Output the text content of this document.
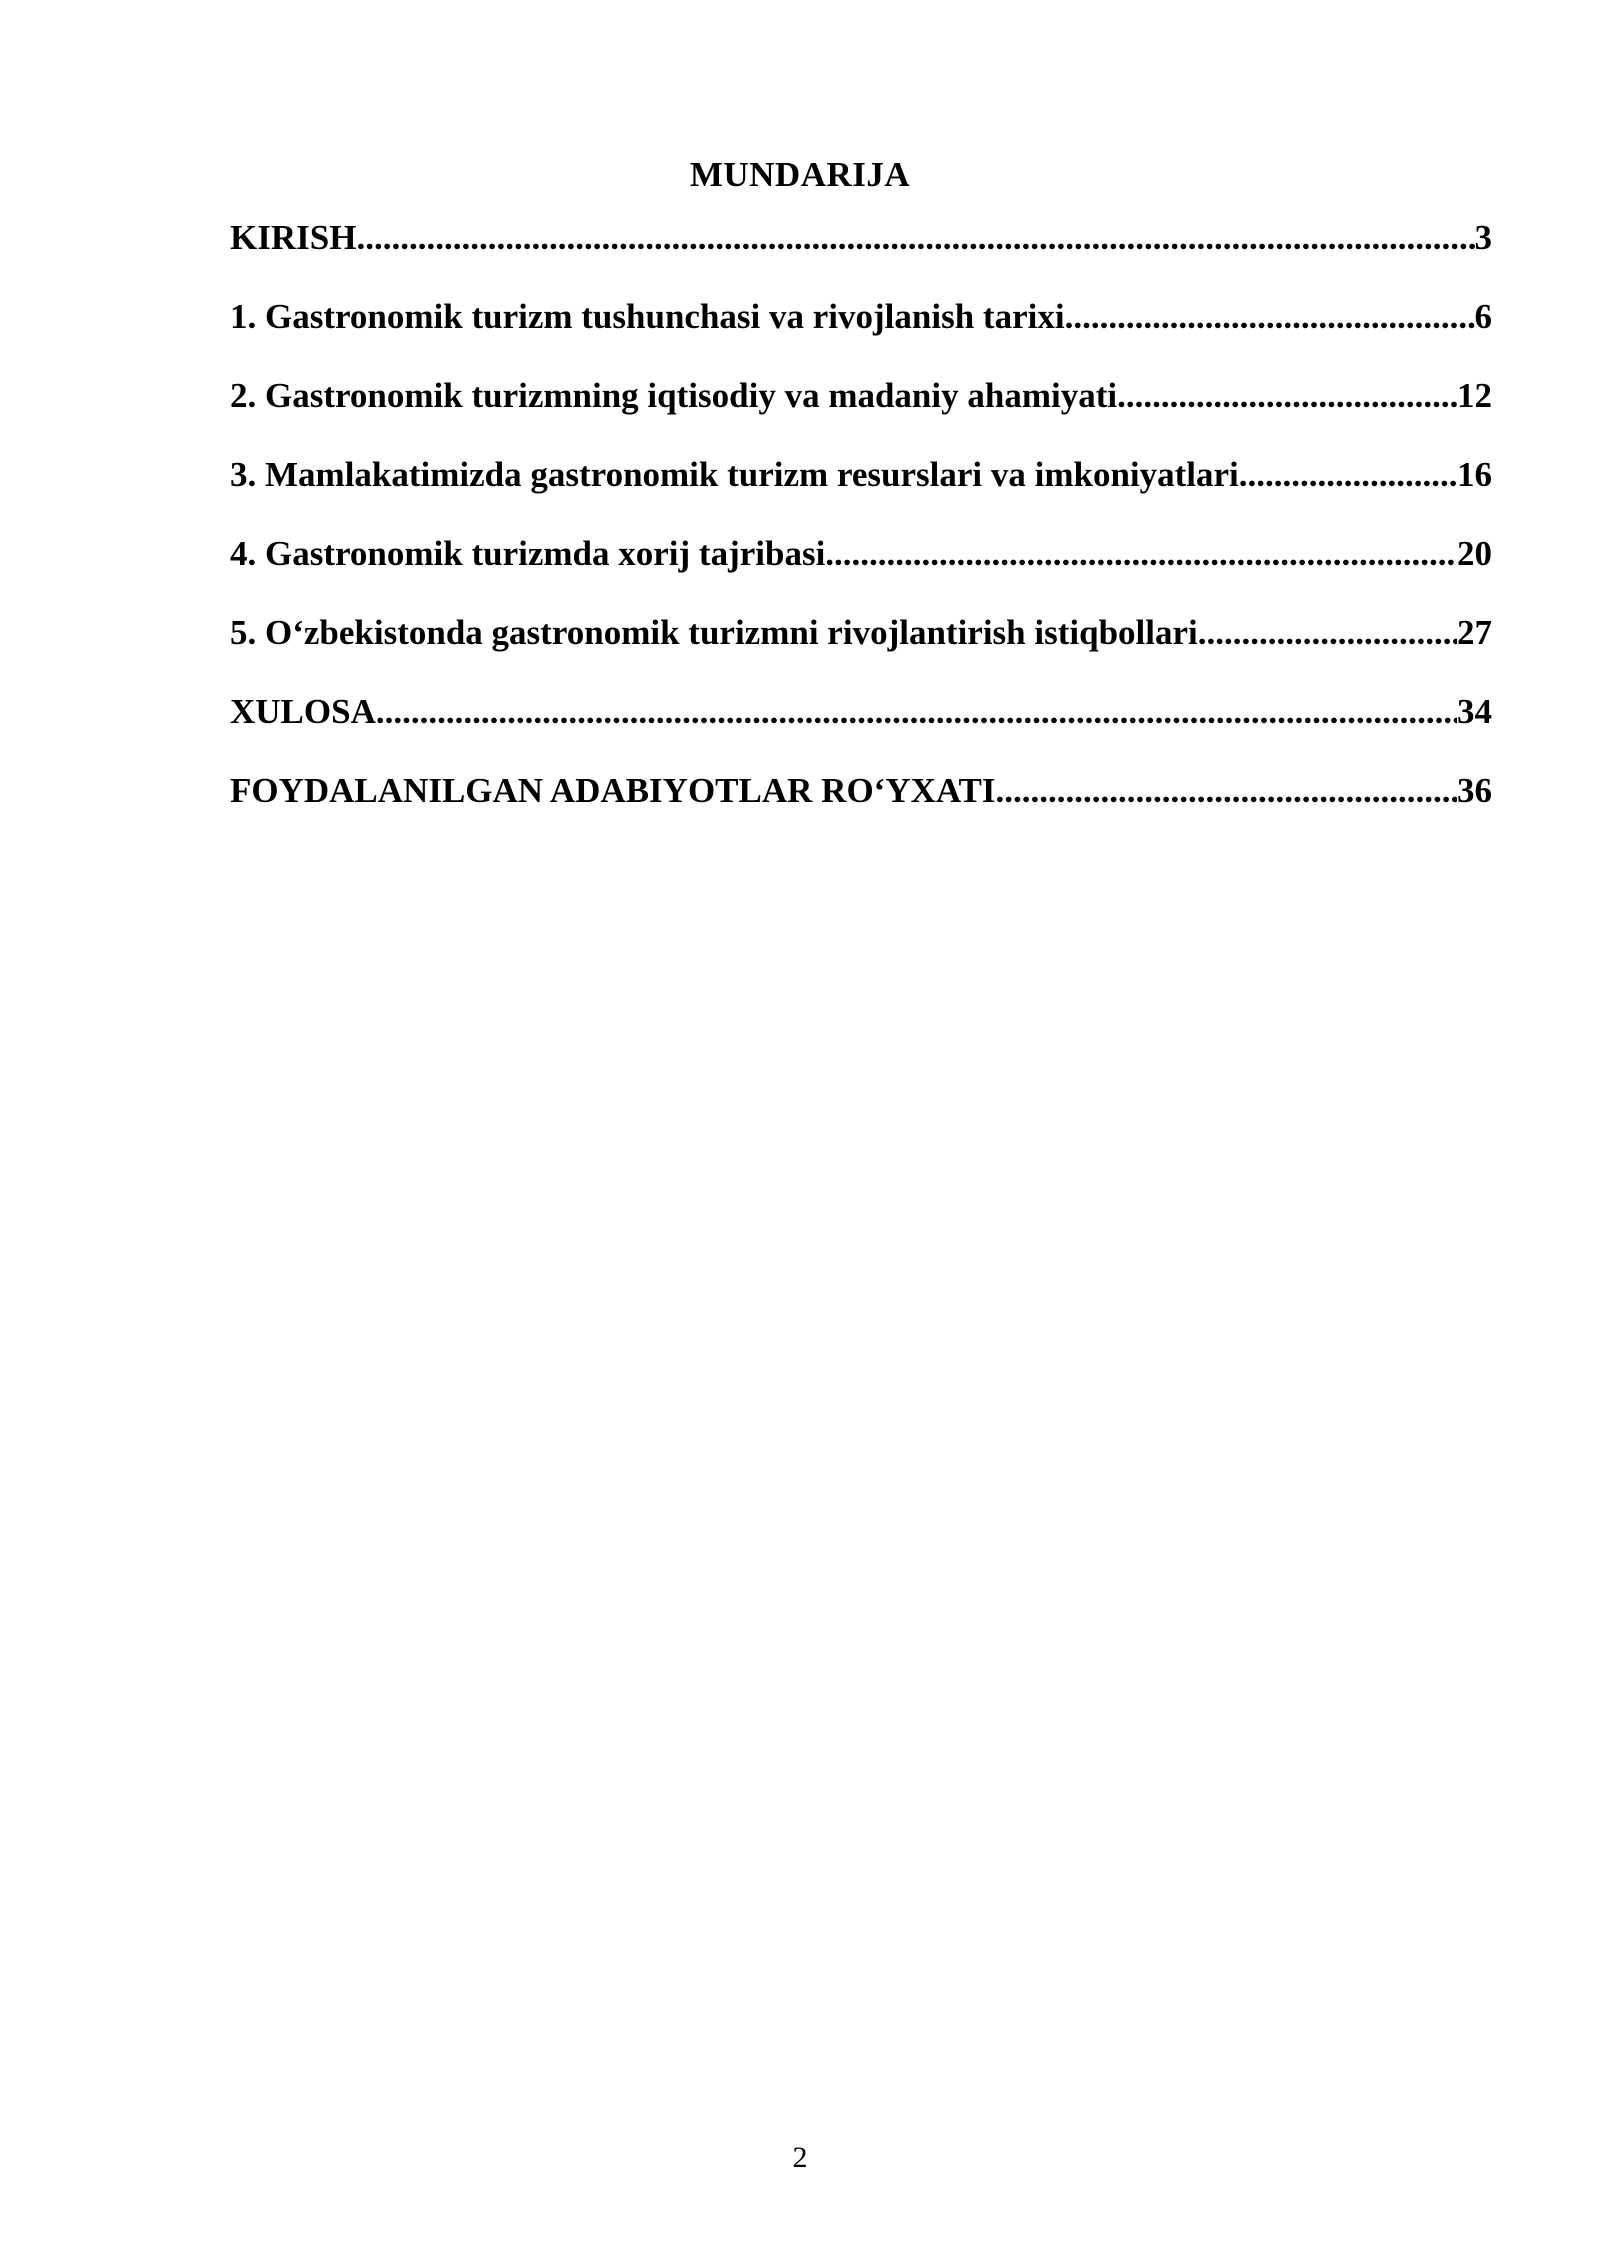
MUNDARIJA
KIRISH .....	3
1. Gastronomik turizm tushunchasi va rivojlanish tarixi .....	6
2. Gastronomik turizmning iqtisodiy va madaniy ahamiyati .....	12
3. Mamlakatimizda gastronomik turizm resurslari va imkoniyatlari .....	16
4. Gastronomik turizmda xorij tajribasi .....	20
5. O‘zbekistonda gastronomik turizmni rivojlantirish istiqbollari .....	27
XULOSA .....	34
FOYDALANILGAN ADABIYOTLAR RO‘YXATI .....	36
2
